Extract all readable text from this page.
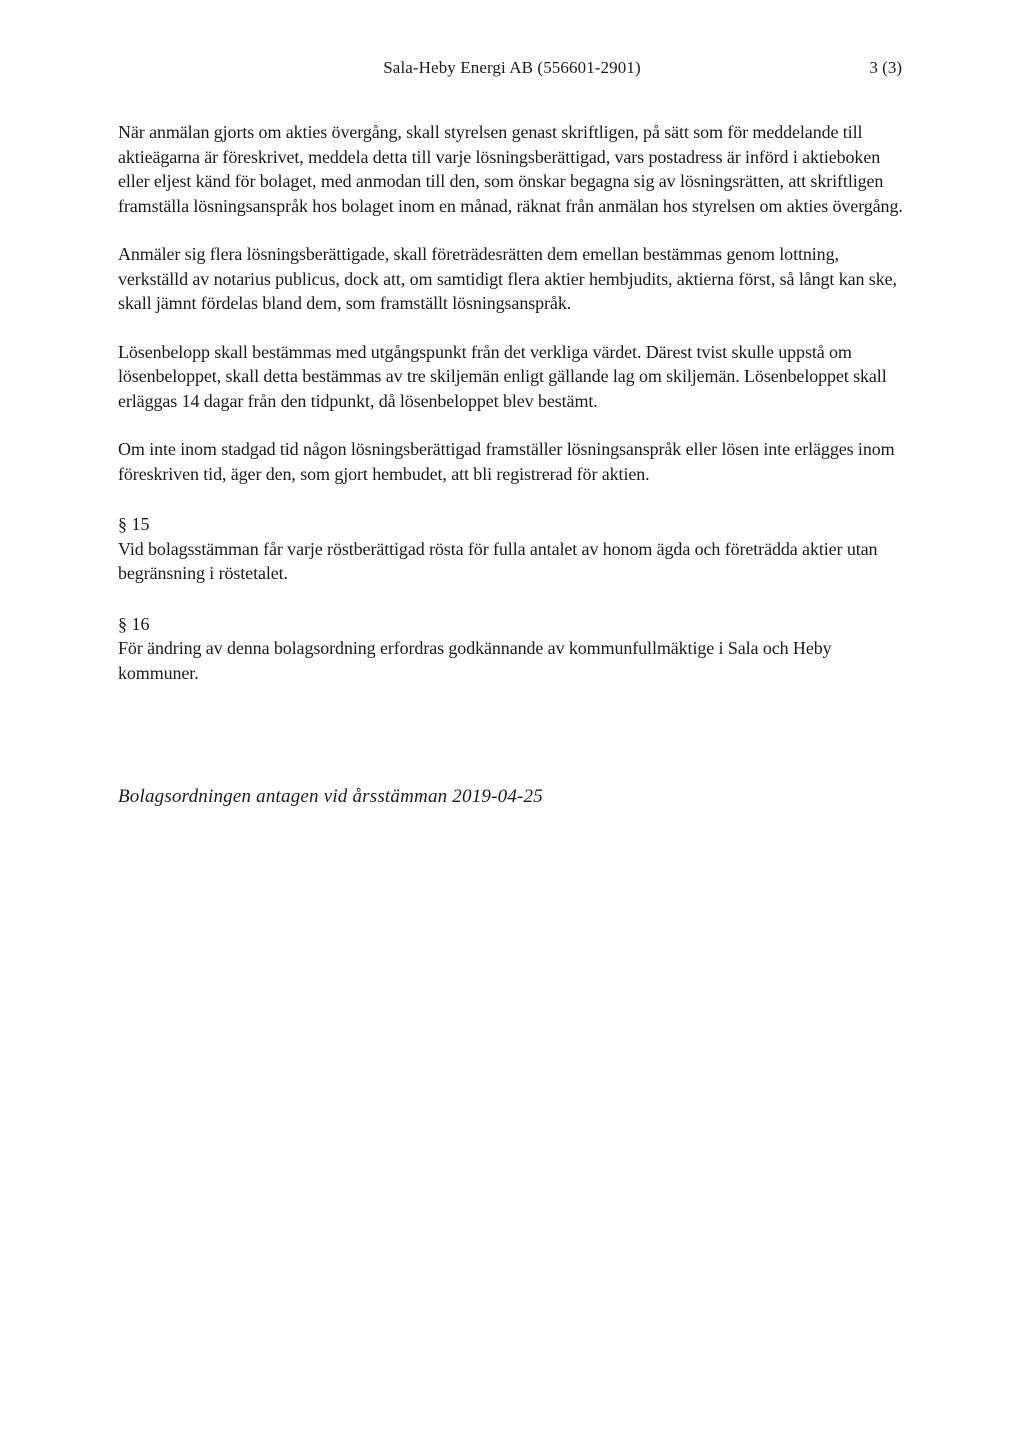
Sala-Heby Energi AB (556601-2901)	3 (3)

När anmälan gjorts om akties övergång, skall styrelsen genast skriftligen, på sätt som för meddelande till aktieägarna är föreskrivet, meddela detta till varje lösningsberättigad, vars postadress är införd i aktieboken eller eljest känd för bolaget, med anmodan till den, som önskar begagna sig av lösningsrätten, att skriftligen framställa lösningsanspråk hos bolaget inom en månad, räknat från anmälan hos styrelsen om akties övergång.

Anmäler sig flera lösningsberättigade, skall företrädesrätten dem emellan bestämmas genom lottning, verkställd av notarius publicus, dock att, om samtidigt flera aktier hembjudits, aktierna först, så långt kan ske, skall jämnt fördelas bland dem, som framställt lösningsanspråk.

Lösenbelopp skall bestämmas med utgångspunkt från det verkliga värdet. Därest tvist skulle uppstå om lösenbeloppet, skall detta bestämmas av tre skiljemän enligt gällande lag om skiljemän. Lösenbeloppet skall erläggas 14 dagar från den tidpunkt, då lösenbeloppet blev bestämt.

Om inte inom stadgad tid någon lösningsberättigad framställer lösningsanspråk eller lösen inte erlägges inom föreskriven tid, äger den, som gjort hembudet, att bli registrerad för aktien.

§ 15

Vid bolagsstämman får varje röstberättigad rösta för fulla antalet av honom ägda och företrädda aktier utan begränsning i röstetalet.

§ 16

För ändring av denna bolagsordning erfordras godkännande av kommunfullmäktige i Sala och Heby kommuner.

Bolagsordningen antagen vid årsstämman 2019-04-25
